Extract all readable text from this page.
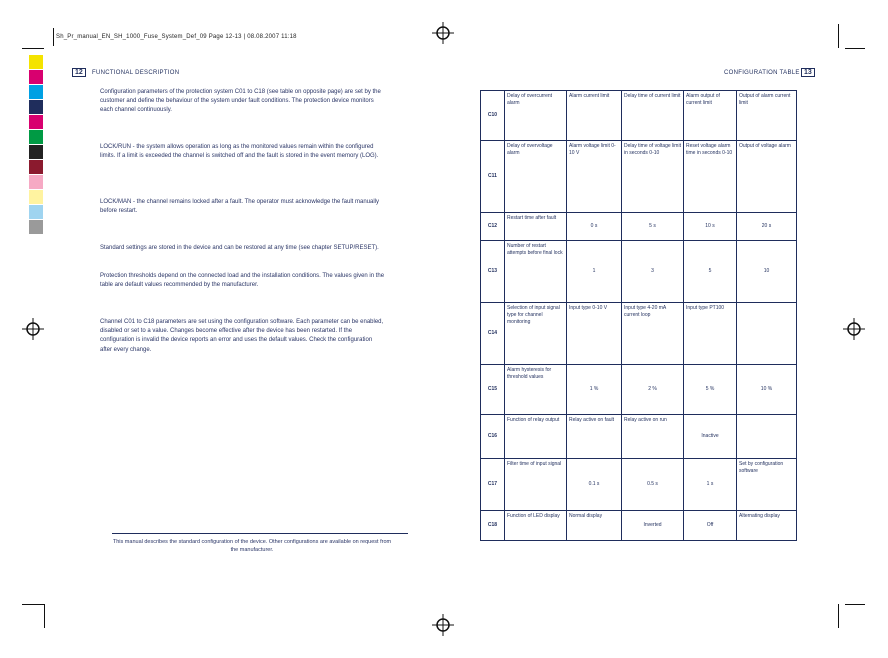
Sh_Pr_manual_EN_SH_1000_Fuse_System_Def_09 Page 12-13 | 08.08.2007 11:18
12	FUNCTIONAL DESCRIPTION

Configuration parameters of the protection system C01 to C18 (see table on opposite page) are set by the customer and define the behaviour of the system under fault conditions. The protection device monitors each channel continuously.

LOCK/RUN - the system allows operation as long as the monitored values remain within the configured limits. If a limit is exceeded the channel is switched off and the fault is stored in the event memory (LOG).

LOCK/MAN - the channel remains locked after a fault. The operator must acknowledge the fault manually before restart.

Standard settings are stored in the device and can be restored at any time (see chapter SETUP/RESET).

Protection thresholds depend on the connected load and the installation conditions. The values given in the table are default values recommended by the manufacturer.

Channel C01 to C18 parameters are set using the configuration software. Each parameter can be enabled, disabled or set to a value. Changes become effective after the device has been restarted. If the configuration is invalid the device reports an error and uses the default values. Check the configuration after every change.

This manual describes the standard configuration of the device. Other configurations are available on request from the manufacturer.
CONFIGURATION TABLE 13
C10	Delay of overcurrent alarm	Alarm current limit	Delay time of current limit	Alarm output of current limit	Output of alarm current limit
C11	Delay of overvoltage alarm	Alarm voltage limit 0-10 V	Delay time of voltage limit in seconds 0-10	Reset voltage alarm time in seconds 0-10	Output of voltage alarm
C12	Restart time after fault	0 s	5 s	10 s	20 s
C13	Number of restart attempts before final lock	1	3	5	10
C14	Selection of input signal type for channel monitoring	Input type 0-10 V	Input type 4-20 mA current loop	Input type PT100	
C15	Alarm hysteresis for threshold values	1 %	2 %	5 %	10 %
C16	Function of relay output	Relay active on fault	Relay active on run	Inactive	
C17	Filter time of input signal	0.1 s	0.5 s	1 s	Set by configuration software
C18	Function of LED display	Normal display	Inverted	Off	Alternating display
